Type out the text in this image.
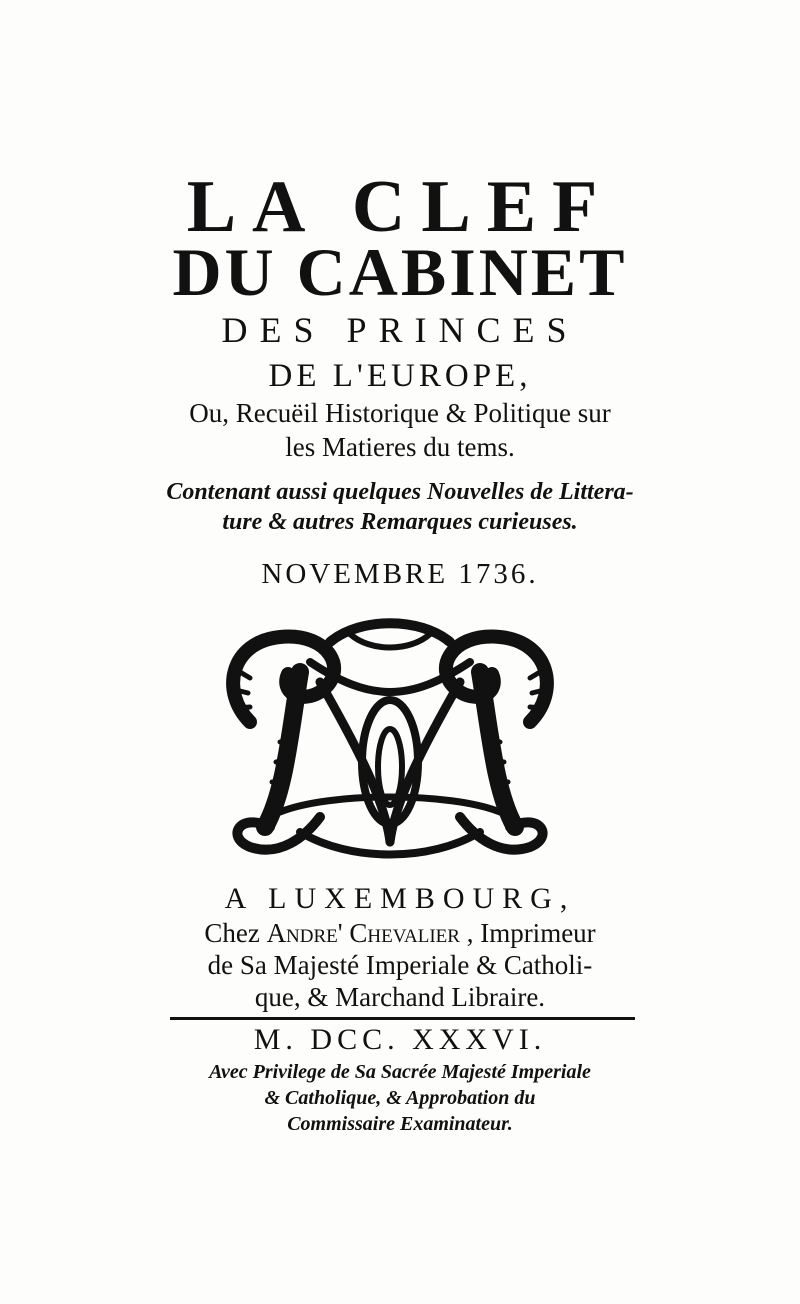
LA CLEF
DU CABINET
DES PRINCES
DE L'EUROPE,
Ou, Recuëil Historique & Politique sur
les Matieres du tems.
Contenant aussi quelques Nouvelles de Littera-
ture & autres Remarques curieuses.
NOVEMBRE 1736.
A LUXEMBOURG,
Chez Andre' Chevalier , Imprimeur
de Sa Majesté Imperiale & Catholi-
que, & Marchand Libraire.
M. DCC. XXXVI.
Avec Privilege de Sa Sacrée Majesté Imperiale
& Catholique, & Approbation du
Commissaire Examinateur.
